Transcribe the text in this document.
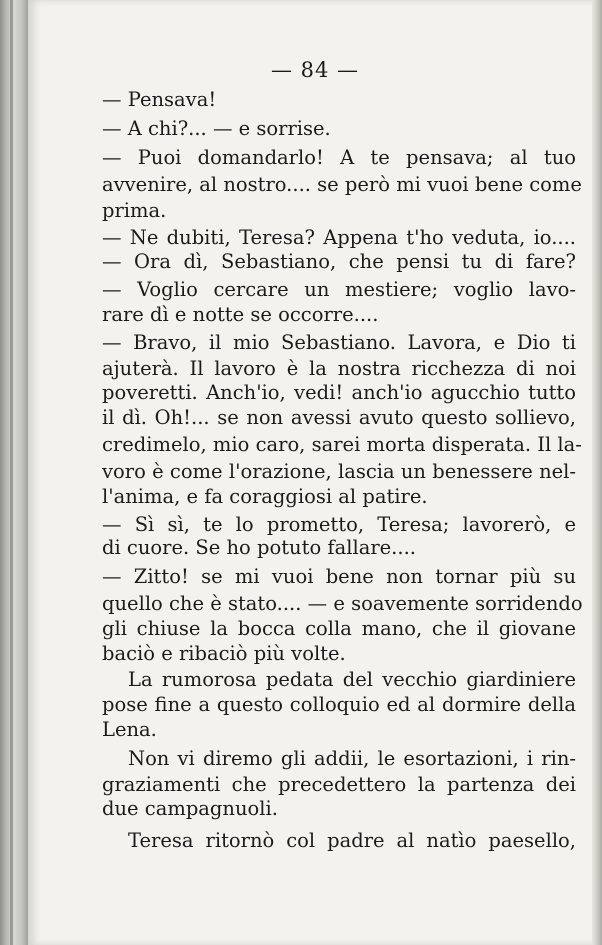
— 84 —
— Pensava!
— A chi?... — e sorrise.
— Puoi domandarlo! A te pensava; al tuo
avvenire, al nostro.... se però mi vuoi bene come
prima.
— Ne dubiti, Teresa? Appena t'ho veduta, io....
— Ora dì, Sebastiano, che pensi tu di fare?
— Voglio cercare un mestiere; voglio lavo-
rare dì e notte se occorre....
— Bravo, il mio Sebastiano. Lavora, e Dio ti
ajuterà. Il lavoro è la nostra ricchezza di noi
poveretti. Anch'io, vedi! anch'io agucchio tutto
il dì. Oh!... se non avessi avuto questo sollievo,
credimelo, mio caro, sarei morta disperata. Il la-
voro è come l'orazione, lascia un benessere nel-
l'anima, e fa coraggiosi al patire.
— Sì sì, te lo prometto, Teresa; lavorerò, e
di cuore. Se ho potuto fallare....
— Zitto! se mi vuoi bene non tornar più su
quello che è stato.... — e soavemente sorridendo
gli chiuse la bocca colla mano, che il giovane
baciò e ribaciò più volte.
La rumorosa pedata del vecchio giardiniere
pose fine a questo colloquio ed al dormire della
Lena.
Non vi diremo gli addii, le esortazioni, i rin-
graziamenti che precedettero la partenza dei
due campagnuoli.
Teresa ritornò col padre al natìo paesello,
